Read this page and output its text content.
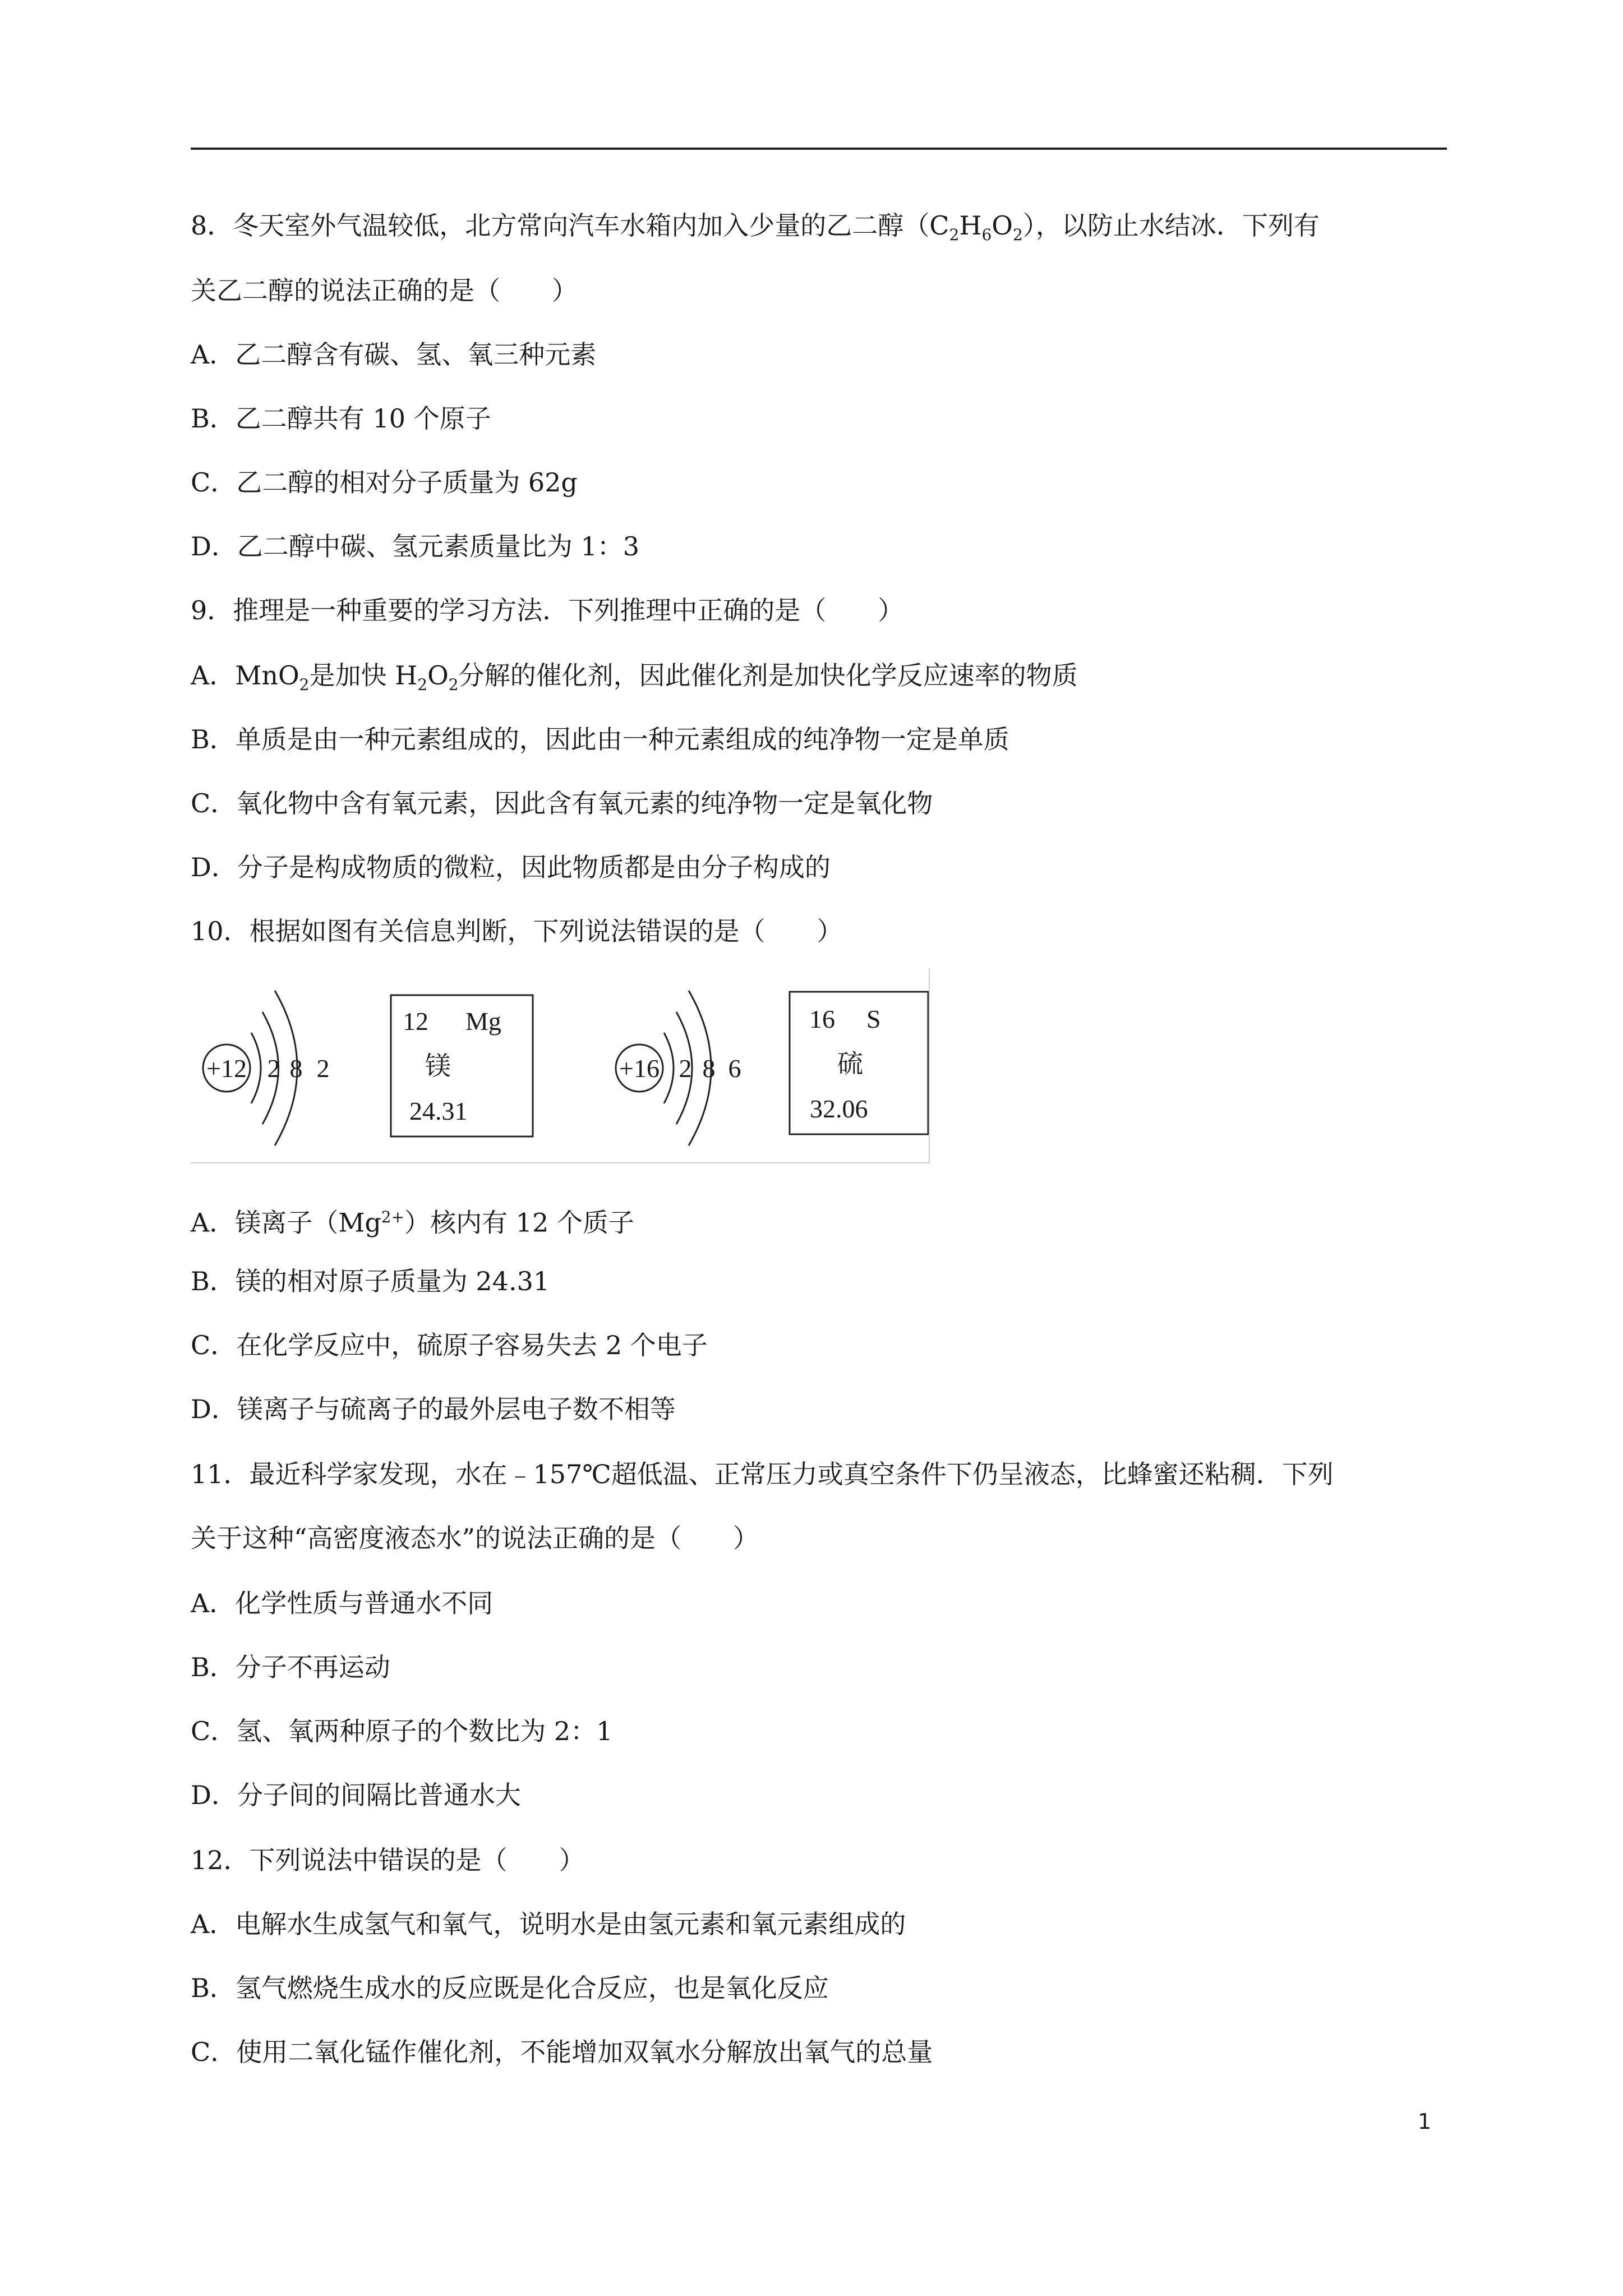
8．冬天室外气温较低，北方常向汽车水箱内加入少量的乙二醇$(C_2H_6O_2)$，以防止水结冰．下列有
关乙二醇的说法正确的是（　　）
A．乙二醇含有碳、氢、氧三种元素
B．乙二醇共有 10 个原子
C．乙二醇的相对分子质量为 62g
D．乙二醇中碳、氢元素质量比为 1：3
9．推理是一种重要的学习方法．下列推理中正确的是（　　）
A．MnO$_2$是加快 $H_2O_2$分解的催化剂，因此催化剂是加快化学反应速率的物质
B．单质是由一种元素组成的，因此由一种元素组成的纯净物一定是单质
C．氧化物中含有氧元素，因此含有氧元素的纯净物一定是氧化物
D．分子是构成物质的微粒，因此物质都是由分子构成的
10．根据如图有关信息判断，下列说法错误的是（　　）
+12 2 8 2
12 Mg
镁
24.31
+16 2 8 6
16 S
硫
32.06
A．镁离子$(Mg^{2+})$核内有 12 个质子
B．镁的相对原子质量为 24.31
C．在化学反应中，硫原子容易失去 2 个电子
D．镁离子与硫离子的最外层电子数不相等
11．最近科学家发现，水在﹣157℃超低温、正常压力或真空条件下仍呈液态，比蜂蜜还粘稠．下列
关于这种“高密度液态水”的说法正确的是（　　）
A．化学性质与普通水不同
B．分子不再运动
C．氢、氧两种原子的个数比为 2：1
D．分子间的间隔比普通水大
12．下列说法中错误的是（　　）
A．电解水生成氢气和氧气，说明水是由氢元素和氧元素组成的
B．氢气燃烧生成水的反应既是化合反应，也是氧化反应
C．使用二氧化锰作催化剂，不能增加双氧水分解放出氧气的总量
1
